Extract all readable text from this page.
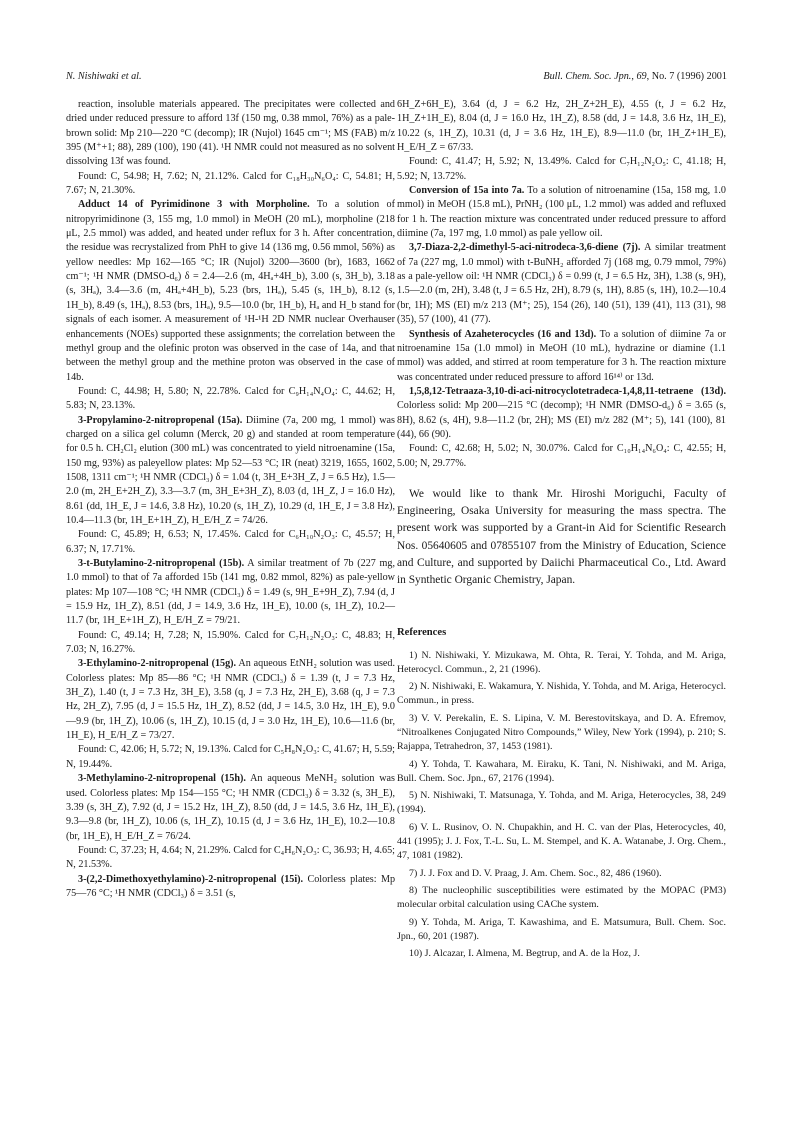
N. Nishiwaki et al.	Bull. Chem. Soc. Jpn., 69, No. 7 (1996) 2001

reaction, insoluble materials appeared. The precipitates were collected and dried under reduced pressure to afford 13f (150 mg, 0.38 mmol, 76%) as a pale-brown solid: Mp 210—220 °C (decomp); IR (Nujol) 1645 cm⁻¹; MS (FAB) m/z 395 (M⁺+1; 88), 289 (100), 190 (41). ¹H NMR could not measured as no solvent dissolving 13f was found.

Found: C, 54.98; H, 7.62; N, 21.12%. Calcd for C₁₈H₃₀N₆O₄: C, 54.81; H, 7.67; N, 21.30%.

Adduct 14 of Pyrimidinone 3 with Morpholine. To a solution of nitropyrimidinone (3, 155 mg, 1.0 mmol) in MeOH (20 mL), morpholine (218 μL, 2.5 mmol) was added, and heated under reflux for 3 h. After concentration, the residue was recrystalized from PhH to give 14 (136 mg, 0.56 mmol, 56%) as yellow needles: Mp 162—165 °C; IR (Nujol) 3200—3600 (br), 1683, 1662 cm⁻¹; ¹H NMR (DMSO-d₆) δ = 2.4—2.6 (m, 4Hₐ+4H_b), 3.00 (s, 3H_b), 3.18 (s, 3Hₐ), 3.4—3.6 (m, 4Hₐ+4H_b), 5.23 (brs, 1Hₐ), 5.45 (s, 1H_b), 8.12 (s, 1H_b), 8.49 (s, 1Hₐ), 8.53 (brs, 1Hₐ), 9.5—10.0 (br, 1H_b), Hₐ and H_b stand for signals of each isomer. A measurement of ¹H-¹H 2D NMR nuclear Overhauser enhancements (NOEs) supported these assignments; the correlation between the methyl group and the olefinic proton was observed in the case of 14a, and that between the methyl group and the methine proton was observed in the case of 14b.

Found: C, 44.98; H, 5.80; N, 22.78%. Calcd for C₉H₁₄N₄O₄: C, 44.62; H, 5.83; N, 23.13%.

3-Propylamino-2-nitropropenal (15a). Diimine (7a, 200 mg, 1 mmol) was charged on a silica gel column (Merck, 20 g) and standed at room temperature for 0.5 h. CH₂Cl₂ elution (300 mL) was concentrated to yield nitroenamine (15a, 150 mg, 93%) as paleyellow plates: Mp 52—53 °C; IR (neat) 3219, 1655, 1602, 1508, 1311 cm⁻¹; ¹H NMR (CDCl₃) δ = 1.04 (t, 3H_E+3H_Z, J = 6.5 Hz), 1.5—2.0 (m, 2H_E+2H_Z), 3.3—3.7 (m, 3H_E+3H_Z), 8.03 (d, 1H_Z, J = 16.0 Hz), 8.61 (dd, 1H_E, J = 14.6, 3.8 Hz), 10.20 (s, 1H_Z), 10.29 (d, 1H_E, J = 3.8 Hz), 10.4—11.3 (br, 1H_E+1H_Z), H_E/H_Z = 74/26.

Found: C, 45.89; H, 6.53; N, 17.45%. Calcd for C₆H₁₀N₂O₃: C, 45.57; H, 6.37; N, 17.71%.

3-t-Butylamino-2-nitropropenal (15b). A similar treatment of 7b (227 mg, 1.0 mmol) to that of 7a afforded 15b (141 mg, 0.82 mmol, 82%) as pale-yellow plates: Mp 107—108 °C; ¹H NMR (CDCl₃) δ = 1.49 (s, 9H_E+9H_Z), 7.94 (d, J = 15.9 Hz, 1H_Z), 8.51 (dd, J = 14.9, 3.6 Hz, 1H_E), 10.00 (s, 1H_Z), 10.2—11.7 (br, 1H_E+1H_Z), H_E/H_Z = 79/21.

Found: C, 49.14; H, 7.28; N, 15.90%. Calcd for C₇H₁₂N₂O₃: C, 48.83; H, 7.03; N, 16.27%.

3-Ethylamino-2-nitropropenal (15g). An aqueous EtNH₂ solution was used. Colorless plates: Mp 85—86 °C; ¹H NMR (CDCl₃) δ = 1.39 (t, J = 7.3 Hz, 3H_Z), 1.40 (t, J = 7.3 Hz, 3H_E), 3.58 (q, J = 7.3 Hz, 2H_E), 3.68 (q, J = 7.3 Hz, 2H_Z), 7.95 (d, J = 15.5 Hz, 1H_Z), 8.52 (dd, J = 14.5, 3.0 Hz, 1H_E), 9.0—9.9 (br, 1H_Z), 10.06 (s, 1H_Z), 10.15 (d, J = 3.0 Hz, 1H_E), 10.6—11.6 (br, 1H_E), H_E/H_Z = 73/27.

Found: C, 42.06; H, 5.72; N, 19.13%. Calcd for C₅H₈N₂O₃: C, 41.67; H, 5.59; N, 19.44%.

3-Methylamino-2-nitropropenal (15h). An aqueous MeNH₂ solution was used. Colorless plates: Mp 154—155 °C; ¹H NMR (CDCl₃) δ = 3.32 (s, 3H_E), 3.39 (s, 3H_Z), 7.92 (d, J = 15.2 Hz, 1H_Z), 8.50 (dd, J = 14.5, 3.6 Hz, 1H_E), 9.3—9.8 (br, 1H_Z), 10.06 (s, 1H_Z), 10.15 (d, J = 3.6 Hz, 1H_E), 10.2—10.8 (br, 1H_E), H_E/H_Z = 76/24.

Found: C, 37.23; H, 4.64; N, 21.29%. Calcd for C₄H₆N₂O₃: C, 36.93; H, 4.65; N, 21.53%.

3-(2,2-Dimethoxyethylamino)-2-nitropropenal (15i). Colorless plates: Mp 75—76 °C; ¹H NMR (CDCl₃) δ = 3.51 (s,

6H_Z+6H_E), 3.64 (d, J = 6.2 Hz, 2H_Z+2H_E), 4.55 (t, J = 6.2 Hz, 1H_Z+1H_E), 8.04 (d, J = 16.0 Hz, 1H_Z), 8.58 (dd, J = 14.8, 3.6 Hz, 1H_E), 10.22 (s, 1H_Z), 10.31 (d, J = 3.6 Hz, 1H_E), 8.9—11.0 (br, 1H_Z+1H_E), H_E/H_Z = 67/33.

Found: C, 41.47; H, 5.92; N, 13.49%. Calcd for C₇H₁₂N₂O₅: C, 41.18; H, 5.92; N, 13.72%.

Conversion of 15a into 7a. To a solution of nitroenamine (15a, 158 mg, 1.0 mmol) in MeOH (15.8 mL), PrNH₂ (100 μL, 1.2 mmol) was added and refluxed for 1 h. The reaction mixture was concentrated under reduced pressure to afford diimine (7a, 197 mg, 1.0 mmol) as pale yellow oil.

3,7-Diaza-2,2-dimethyl-5-aci-nitrodeca-3,6-diene (7j). A similar treatment of 7a (227 mg, 1.0 mmol) with t-BuNH₂ afforded 7j (168 mg, 0.79 mmol, 79%) as a pale-yellow oil: ¹H NMR (CDCl₃) δ = 0.99 (t, J = 6.5 Hz, 3H), 1.38 (s, 9H), 1.5—2.0 (m, 2H), 3.48 (t, J = 6.5 Hz, 2H), 8.79 (s, 1H), 8.85 (s, 1H), 10.2—10.4 (br, 1H); MS (EI) m/z 213 (M⁺; 25), 154 (26), 140 (51), 139 (41), 113 (31), 98 (35), 57 (100), 41 (77).

Synthesis of Azaheterocycles (16 and 13d). To a solution of diimine 7a or nitroenamine 15a (1.0 mmol) in MeOH (10 mL), hydrazine or diamine (1.1 mmol) was added, and stirred at room temperature for 3 h. The reaction mixture was concentrated under reduced pressure to afford 16¹⁴⁾ or 13d.

1,5,8,12-Tetraaza-3,10-di-aci-nitrocyclotetradeca-1,4,8,11-tetraene (13d). Colorless solid: Mp 200—215 °C (decomp); ¹H NMR (DMSO-d₆) δ = 3.65 (s, 8H), 8.62 (s, 4H), 9.8—11.2 (br, 2H); MS (EI) m/z 282 (M⁺; 5), 141 (100), 81 (44), 66 (90).

Found: C, 42.68; H, 5.02; N, 30.07%. Calcd for C₁₀H₁₄N₆O₄: C, 42.55; H, 5.00; N, 29.77%.

We would like to thank Mr. Hiroshi Moriguchi, Faculty of Engineering, Osaka University for measuring the mass spectra. The present work was supported by a Grant-in Aid for Scientific Research Nos. 05640605 and 07855107 from the Ministry of Education, Science and Culture, and supported by Daiichi Pharmaceutical Co., Ltd. Award in Synthetic Organic Chemistry, Japan.

References

1) N. Nishiwaki, Y. Mizukawa, M. Ohta, R. Terai, Y. Tohda, and M. Ariga, Heterocycl. Commun., 2, 21 (1996).

2) N. Nishiwaki, E. Wakamura, Y. Nishida, Y. Tohda, and M. Ariga, Heterocycl. Commun., in press.

3) V. V. Perekalin, E. S. Lipina, V. M. Berestovitskaya, and D. A. Efremov, “Nitroalkenes Conjugated Nitro Compounds,” Wiley, New York (1994), p. 210; S. Rajappa, Tetrahedron, 37, 1453 (1981).

4) Y. Tohda, T. Kawahara, M. Eiraku, K. Tani, N. Nishiwaki, and M. Ariga, Bull. Chem. Soc. Jpn., 67, 2176 (1994).

5) N. Nishiwaki, T. Matsunaga, Y. Tohda, and M. Ariga, Heterocycles, 38, 249 (1994).

6) V. L. Rusinov, O. N. Chupakhin, and H. C. van der Plas, Heterocycles, 40, 441 (1995); J. J. Fox, T.-L. Su, L. M. Stempel, and K. A. Watanabe, J. Org. Chem., 47, 1081 (1982).

7) J. J. Fox and D. V. Praag, J. Am. Chem. Soc., 82, 486 (1960).

8) The nucleophilic susceptibilities were estimated by the MOPAC (PM3) molecular orbital calculation using CAChe system.

9) Y. Tohda, M. Ariga, T. Kawashima, and E. Matsumura, Bull. Chem. Soc. Jpn., 60, 201 (1987).

10) J. Alcazar, I. Almena, M. Begtrup, and A. de la Hoz, J.
